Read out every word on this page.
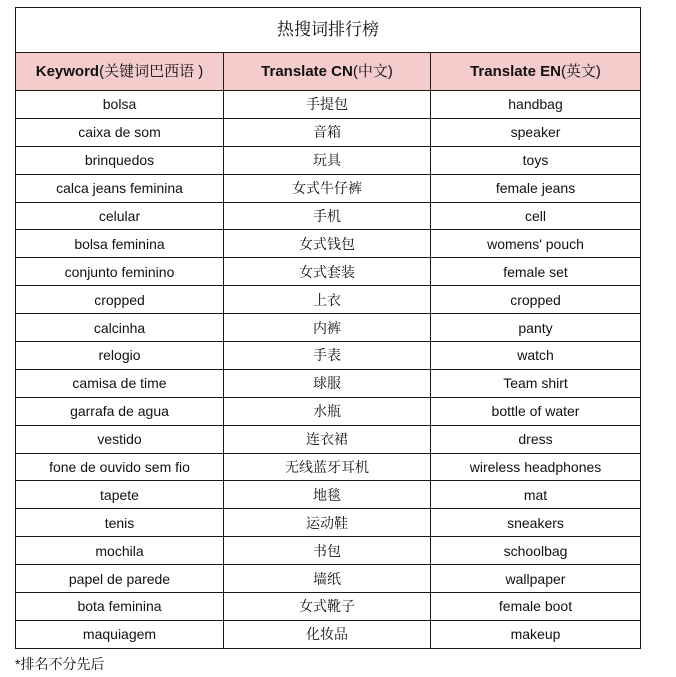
热搜词排行榜		
Keyword(关键词巴西语 )	Translate CN(中文)	Translate EN(英文)
bolsa	手提包	handbag
caixa de som	音箱	speaker
brinquedos	玩具	toys
calca jeans feminina	女式牛仔裤	female jeans
celular	手机	cell
bolsa feminina	女式钱包	womens' pouch
conjunto feminino	女式套装	female set
cropped	上衣	cropped
calcinha	内裤	panty
relogio	手表	watch
camisa de time	球服	Team shirt
garrafa de agua	水瓶	bottle of water
vestido	连衣裙	dress
fone de ouvido sem fio	无线蓝牙耳机	wireless headphones
tapete	地毯	mat
tenis	运动鞋	sneakers
mochila	书包	schoolbag
papel de parede	墙纸	wallpaper
bota feminina	女式靴子	female boot
maquiagem	化妆品	makeup
*排名不分先后
